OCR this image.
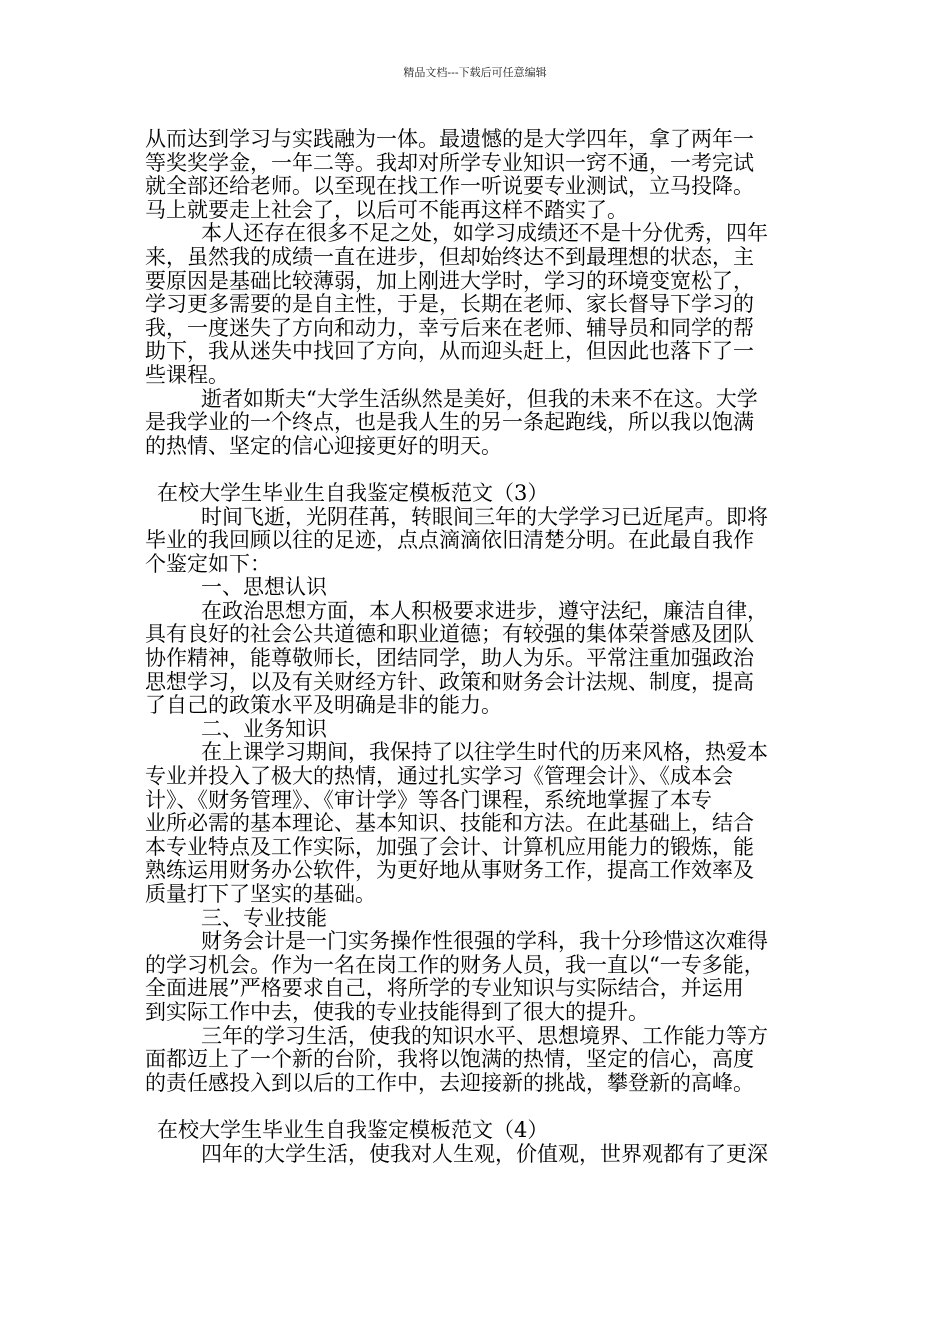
精品文档---下载后可任意编辑
从而达到学习与实践融为一体。最遗憾的是大学四年，拿了两年一
等奖奖学金，一年二等。我却对所学专业知识一窍不通，一考完试
就全部还给老师。以至现在找工作一听说要专业测试，立马投降。
马上就要走上社会了，以后可不能再这样不踏实了。
本人还存在很多不足之处，如学习成绩还不是十分优秀，四年
来，虽然我的成绩一直在进步，但却始终达不到最理想的状态，主
要原因是基础比较薄弱，加上刚进大学时，学习的环境变宽松了，
学习更多需要的是自主性，于是，长期在老师、家长督导下学习的
我，一度迷失了方向和动力，幸亏后来在老师、辅导员和同学的帮
助下，我从迷失中找回了方向，从而迎头赶上，但因此也落下了一
些课程。
逝者如斯夫“大学生活纵然是美好，但我的未来不在这。大学
是我学业的一个终点，也是我人生的另一条起跑线，所以我以饱满
的热情、坚定的信心迎接更好的明天。
在校大学生毕业生自我鉴定模板范文（3）
时间飞逝，光阴荏苒，转眼间三年的大学学习已近尾声。即将
毕业的我回顾以往的足迹，点点滴滴依旧清楚分明。在此最自我作
个鉴定如下：
一、思想认识
在政治思想方面，本人积极要求进步，遵守法纪，廉洁自律，
具有良好的社会公共道德和职业道德；有较强的集体荣誉感及团队
协作精神，能尊敬师长，团结同学，助人为乐。平常注重加强政治
思想学习，以及有关财经方针、政策和财务会计法规、制度，提高
了自己的政策水平及明确是非的能力。
二、业务知识
在上课学习期间，我保持了以往学生时代的历来风格，热爱本
专业并投入了极大的热情，通过扎实学习《管理会计》、《成本会
计》、《财务管理》、《审计学》等各门课程，系统地掌握了本专
业所必需的基本理论、基本知识、技能和方法。在此基础上，结合
本专业特点及工作实际，加强了会计、计算机应用能力的锻炼，能
熟练运用财务办公软件，为更好地从事财务工作，提高工作效率及
质量打下了坚实的基础。
三、专业技能
财务会计是一门实务操作性很强的学科，我十分珍惜这次难得
的学习机会。作为一名在岗工作的财务人员，我一直以“一专多能，
全面进展”严格要求自己，将所学的专业知识与实际结合，并运用
到实际工作中去，使我的专业技能得到了很大的提升。
三年的学习生活，使我的知识水平、思想境界、工作能力等方
面都迈上了一个新的台阶，我将以饱满的热情，坚定的信心，高度
的责任感投入到以后的工作中，去迎接新的挑战，攀登新的高峰。
在校大学生毕业生自我鉴定模板范文（4）
四年的大学生活，使我对人生观，价值观，世界观都有了更深
